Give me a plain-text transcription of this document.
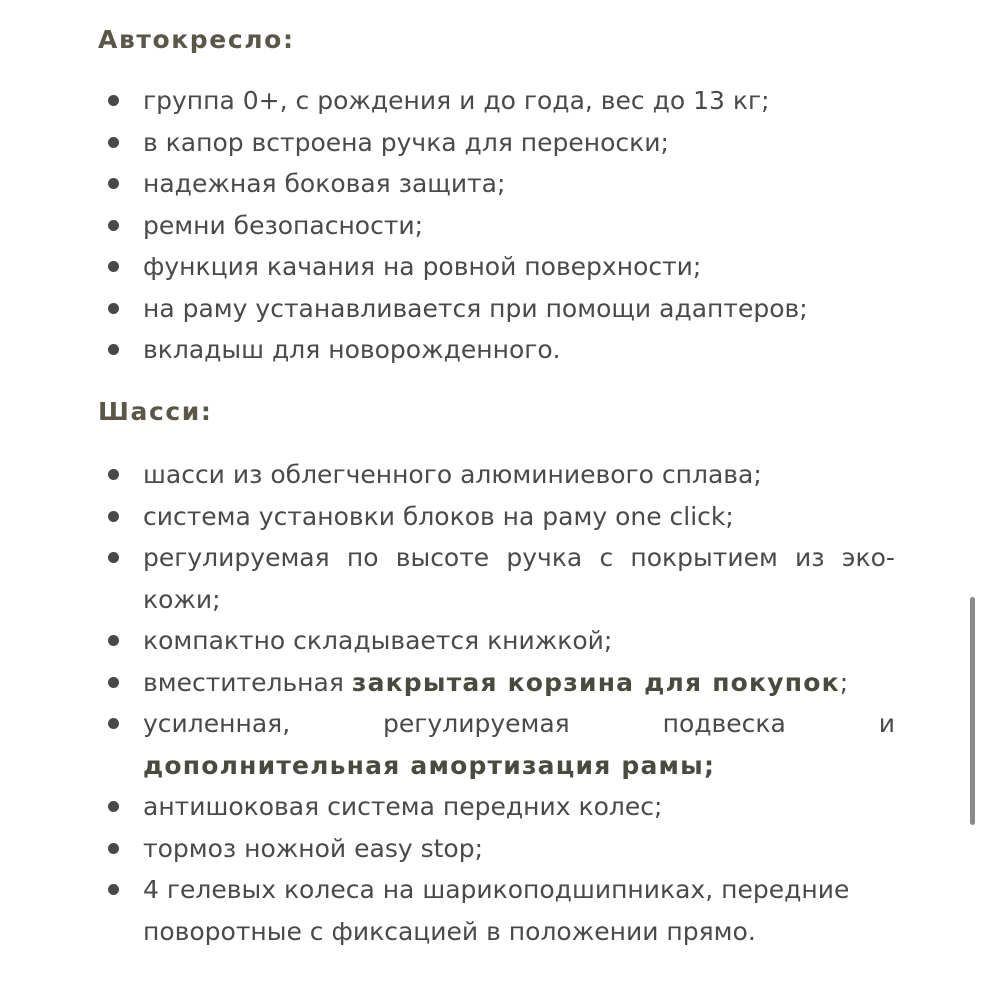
Автокресло:
группа 0+, с рождения и до года, вес до 13 кг;
в капор встроена ручка для переноски;
надежная боковая защита;
ремни безопасности;
функция качания на ровной поверхности;
на раму устанавливается при помощи адаптеров;
вкладыш для новорожденного.
Шасси:
шасси из облегченного алюминиевого сплава;
система установки блоков на раму one click;
регулируемая по высоте ручка с покрытием из эко-
кожи;
компактно складывается книжкой;
вместительная закрытая корзина для покупок;
усиленная,	регулируемая	подвеска	и
дополнительная амортизация рамы;
антишоковая система передних колес;
тормоз ножной easy stop;
4 гелевых колеса на шарикоподшипниках, передние
поворотные с фиксацией в положении прямо.
